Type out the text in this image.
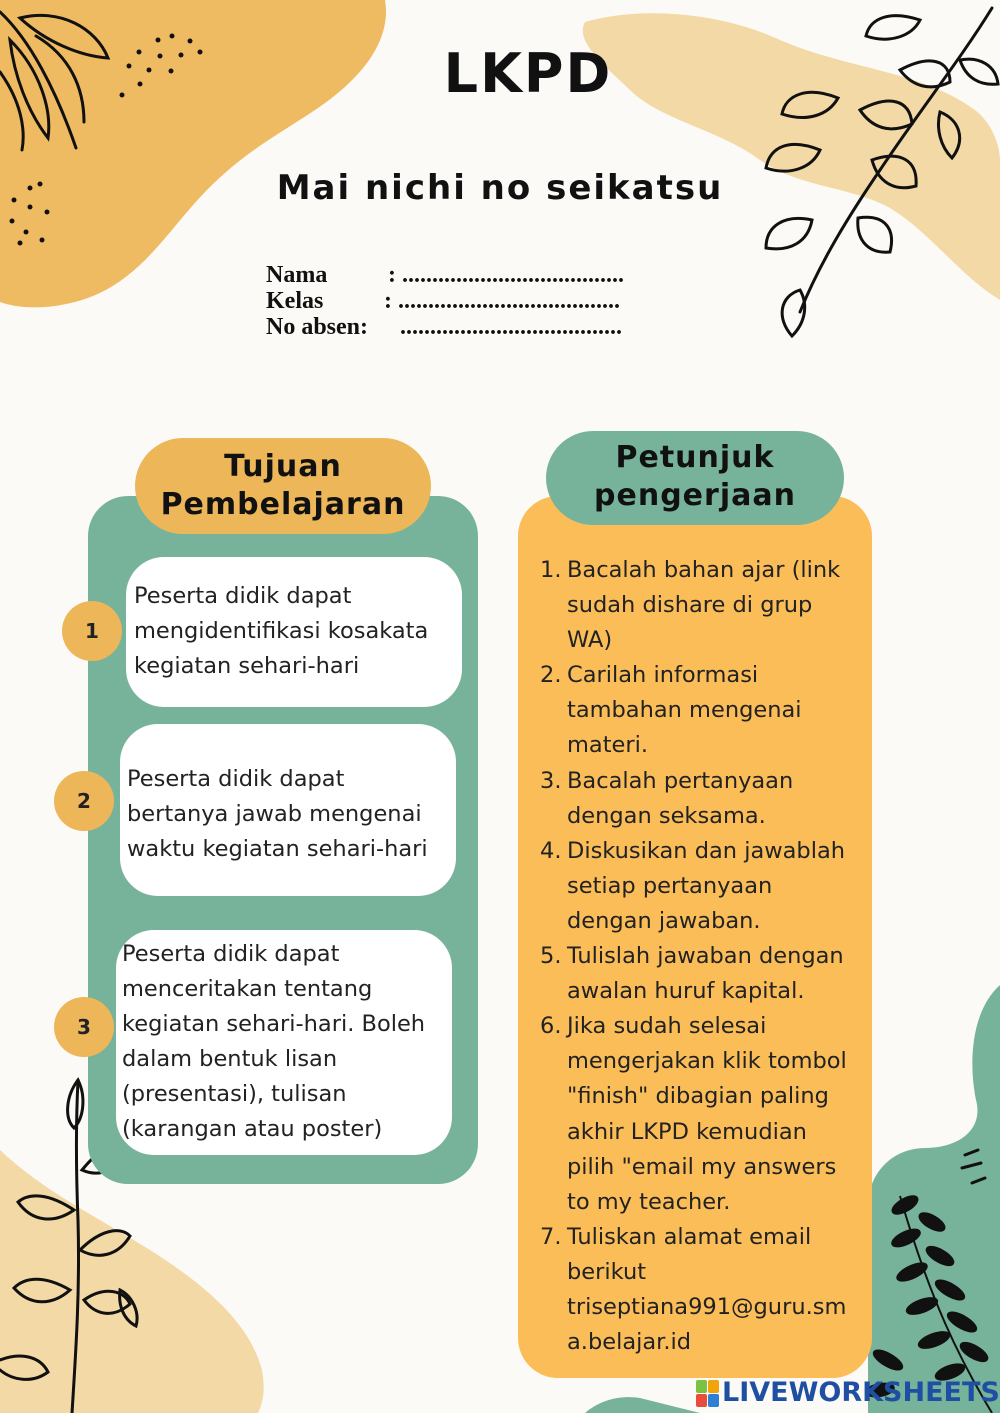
LKPD
Mai nichi no seikatsu
Nama	: .....................................
Kelas	: .....................................
No absen: .....................................
Tujuan
Pembelajaran
Peserta didik dapat
mengidentifikasi kosakata
kegiatan sehari-hari
1
Peserta didik dapat
bertanya jawab mengenai
waktu kegiatan sehari-hari
2
Peserta didik dapat
menceritakan tentang
kegiatan sehari-hari. Boleh
dalam bentuk lisan
(presentasi), tulisan
(karangan atau poster)
3
Petunjuk
pengerjaan
1. Bacalah bahan ajar (link
sudah dishare di grup
WA)
2. Carilah informasi
tambahan mengenai
materi.
3. Bacalah pertanyaan
dengan seksama.
4. Diskusikan dan jawablah
setiap pertanyaan
dengan jawaban.
5. Tulislah jawaban dengan
awalan huruf kapital.
6. Jika sudah selesai
mengerjakan klik tombol
"finish" dibagian paling
akhir LKPD kemudian
pilih "email my answers
to my teacher.
7. Tuliskan alamat email
berikut
triseptiana991@guru.sm
a.belajar.id
LIVEWORKSHEETS
